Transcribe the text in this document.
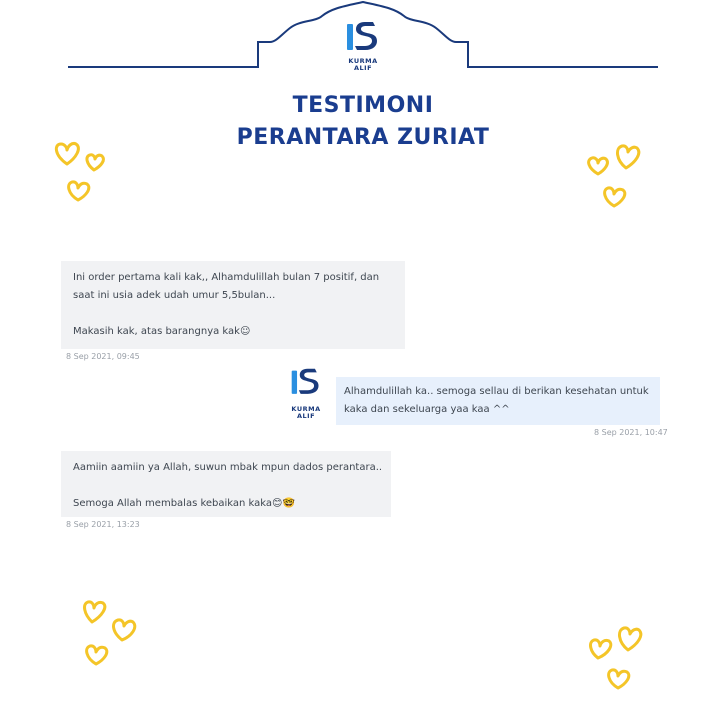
KURMA
ALIF
TESTIMONI
PERANTARA ZURIAT

Ini order pertama kali kak,, Alhamdulillah bulan 7 positif, dan

saat ini usia adek udah umur 5,5bulan...

Makasih kak, atas barangnya kak☺

8 Sep 2021, 09:45
KURMA
ALIF

Alhamdulillah ka.. semoga sellau di berikan kesehatan untuk

kaka dan sekeluarga yaa kaa ^^

8 Sep 2021, 10:47

Aamiin aamiin ya Allah, suwun mbak mpun dados perantara..

Semoga Allah membalas kebaikan kaka😊🤓

8 Sep 2021, 13:23
